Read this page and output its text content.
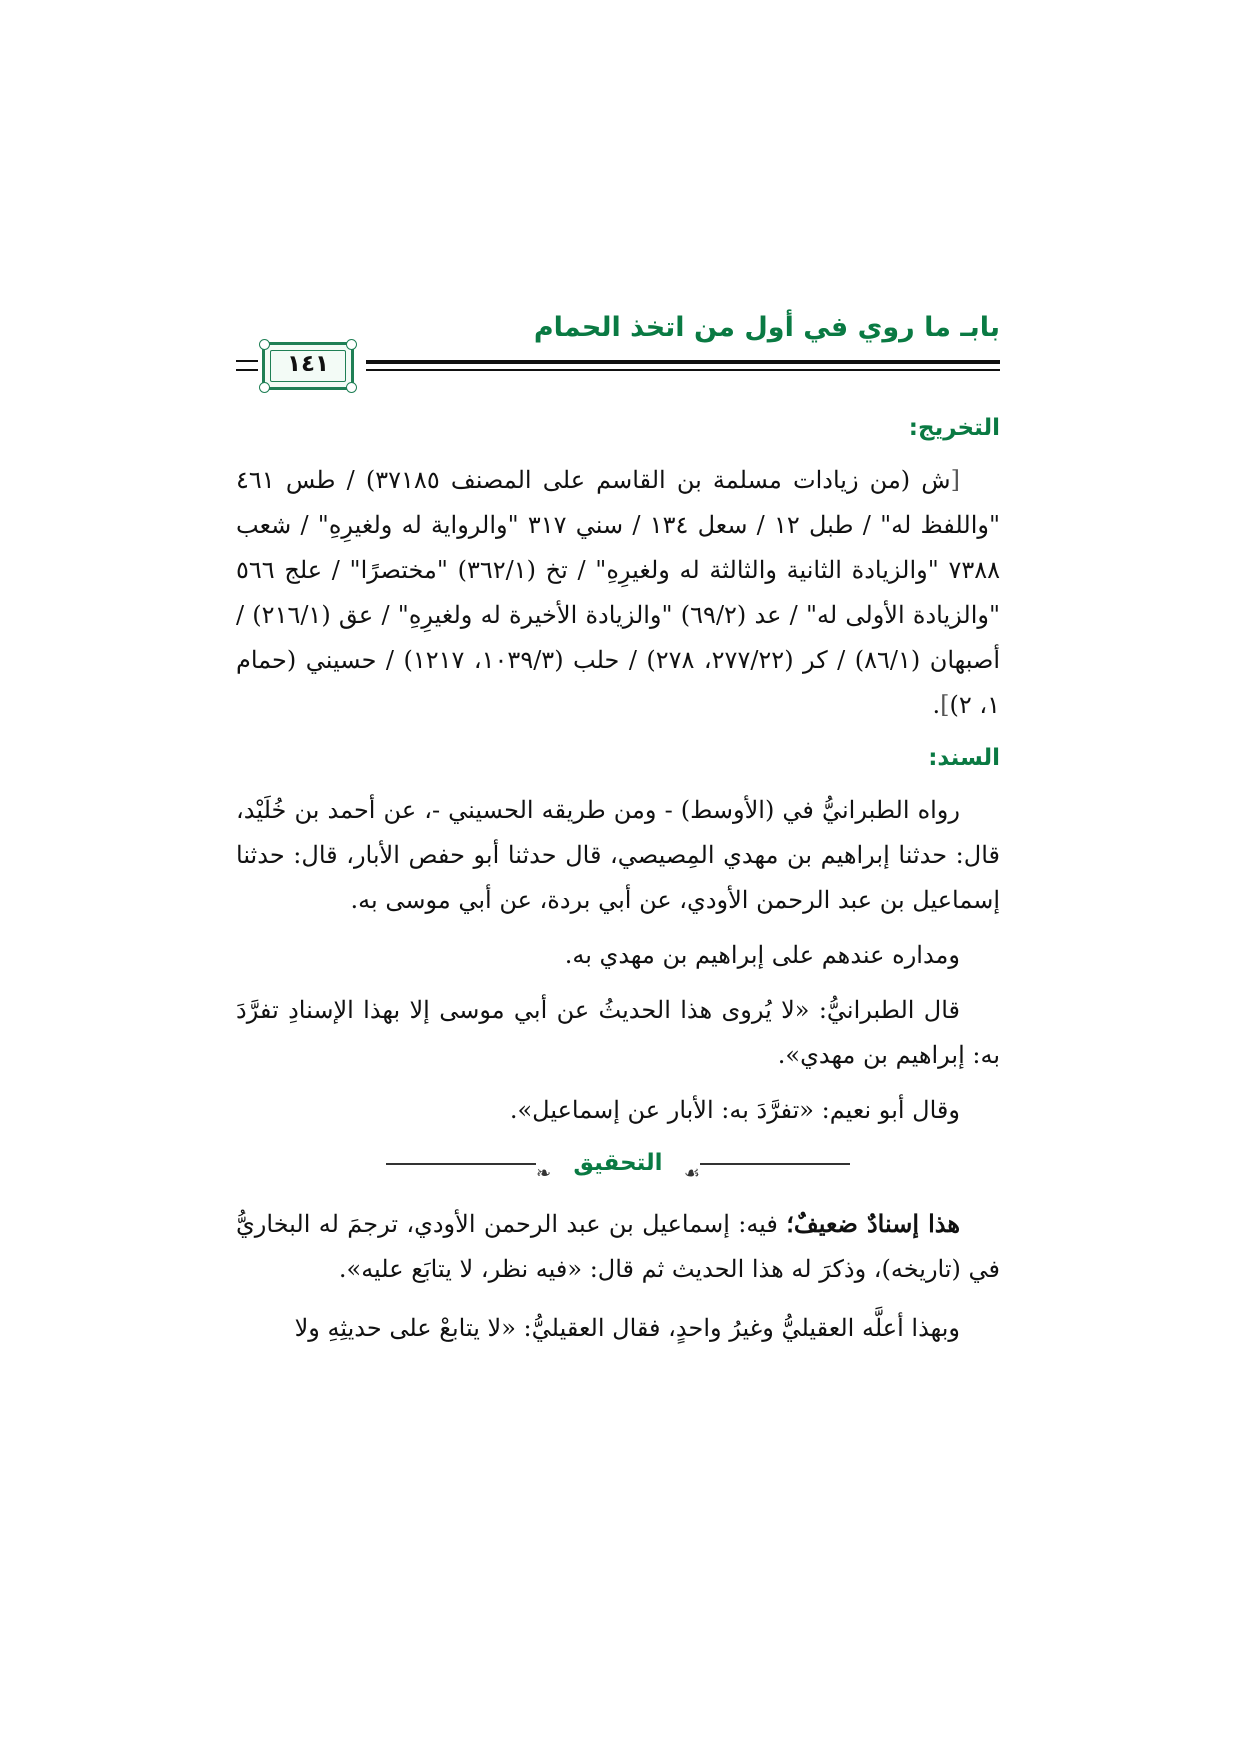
بابـ ما روي في أول من اتخذ الحمام
١٤١
التخريج:

[ش (من زيادات مسلمة بن القاسم على المصنف ٣٧١٨٥) / طس ٤٦١ "واللفظ له" / طبل ١٢ / سعل ١٣٤ / سني ٣١٧ "والرواية له ولغيرِهِ" / شعب ٧٣٨٨ "والزيادة الثانية والثالثة له ولغيرِهِ" / تخ (٣٦٢/١) "مختصرًا" / علج ٥٦٦ "والزيادة الأولى له" / عد (٦٩/٢) "والزيادة الأخيرة له ولغيرِهِ" / عق (٢١٦/١) / أصبهان (٨٦/١) / كر (٢٧٧/٢٢، ٢٧٨) / حلب (١٠٣٩/٣، ١٢١٧) / حسيني (حمام ١، ٢)].

السند:

رواه الطبرانيُّ في (الأوسط) - ومن طريقه الحسيني -، عن أحمد بن خُلَيْد، قال: حدثنا إبراهيم بن مهدي المِصيصي، قال حدثنا أبو حفص الأبار، قال: حدثنا إسماعيل بن عبد الرحمن الأودي، عن أبي بردة، عن أبي موسى به.

ومداره عندهم على إبراهيم بن مهدي به.

قال الطبرانيُّ: «لا يُروى هذا الحديثُ عن أبي موسى إلا بهذا الإسنادِ تفرَّدَ به: إبراهيم بن مهدي».

وقال أبو نعيم: «تفرَّدَ به: الأبار عن إسماعيل».

❧ التحقيق	☙

هذا إسنادٌ ضعيفٌ؛ فيه: إسماعيل بن عبد الرحمن الأودي، ترجمَ له البخاريُّ في (تاريخه)، وذكرَ له هذا الحديث ثم قال: «فيه نظر، لا يتابَع عليه».

وبهذا أعلَّه العقيليُّ وغيرُ واحدٍ، فقال العقيليُّ: «لا يتابعْ على حديثِهِ ولا
